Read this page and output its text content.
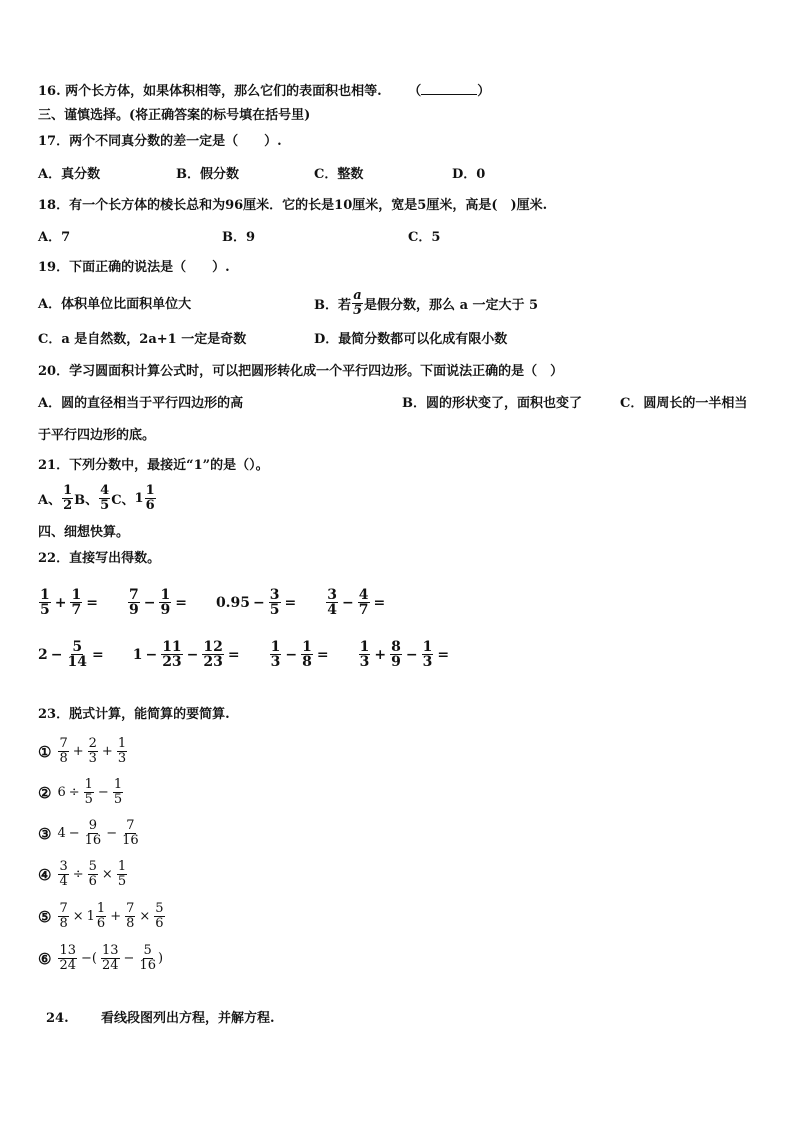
16. 两个长方体，如果体积相等，那么它们的表面积也相等. （	）
三、谨慎选择。(将正确答案的标号填在括号里)
17．两个不同真分数的差一定是（　　）.
A．真分数	B．假分数	C．整数	D．0
18．有一个长方体的棱长总和为96厘米．它的长是10厘米，宽是5厘米，高是(　)厘米.
A．7	B．9	C．5
19．下面正确的说法是（　　）.
A．体积单位比面积单位大	B．若 $\frac{a}{5}$ 是假分数，那么 a 一定大于 5
C．a 是自然数，2a+1 一定是奇数	D．最简分数都可以化成有限小数
20．学习圆面积计算公式时，可以把圆形转化成一个平行四边形。下面说法正确的是（　）
A．圆的直径相当于平行四边形的高	B．圆的形状变了，面积也变了	C．圆周长的一半相当
于平行四边形的底。
21．下列分数中，最接近“1”的是（）。
A、 $\frac{1}{2}$ B、 $\frac{4}{5}$ C、 $1 \frac{1}{6}$
四、细想快算。
22．直接写出得数。
$\frac{1}{5} + \frac{1}{7} = \frac{7}{9} - \frac{1}{9} = 0.95 - \frac{3}{5} = \frac{3}{4} - \frac{4}{7}$ =
$2 - \frac{5}{14} = 1 - \frac{11}{23} - \frac{12}{23} = \frac{1}{3} - \frac{1}{8} = \frac{1}{3} + \frac{8}{9} - \frac{1}{3}$ =
23．脱式计算，能简算的要简算.
① $\frac{7}{8} + \frac{2}{3} + \frac{1}{3}$
② $6 \div \frac{1}{5} - \frac{1}{5}$
③ $4 - \frac{9}{16} - \frac{7}{16}$
④ $\frac{3}{4} \div \frac{5}{6} \times \frac{1}{5}$
⑤ $\frac{7}{8} \times 1 \frac{1}{6} + \frac{7}{8} \times \frac{5}{6}$
⑥ $\frac{13}{24}$ −( $\frac{13}{24} - \frac{5}{16}$ )
24. 看线段图列出方程，并解方程.
